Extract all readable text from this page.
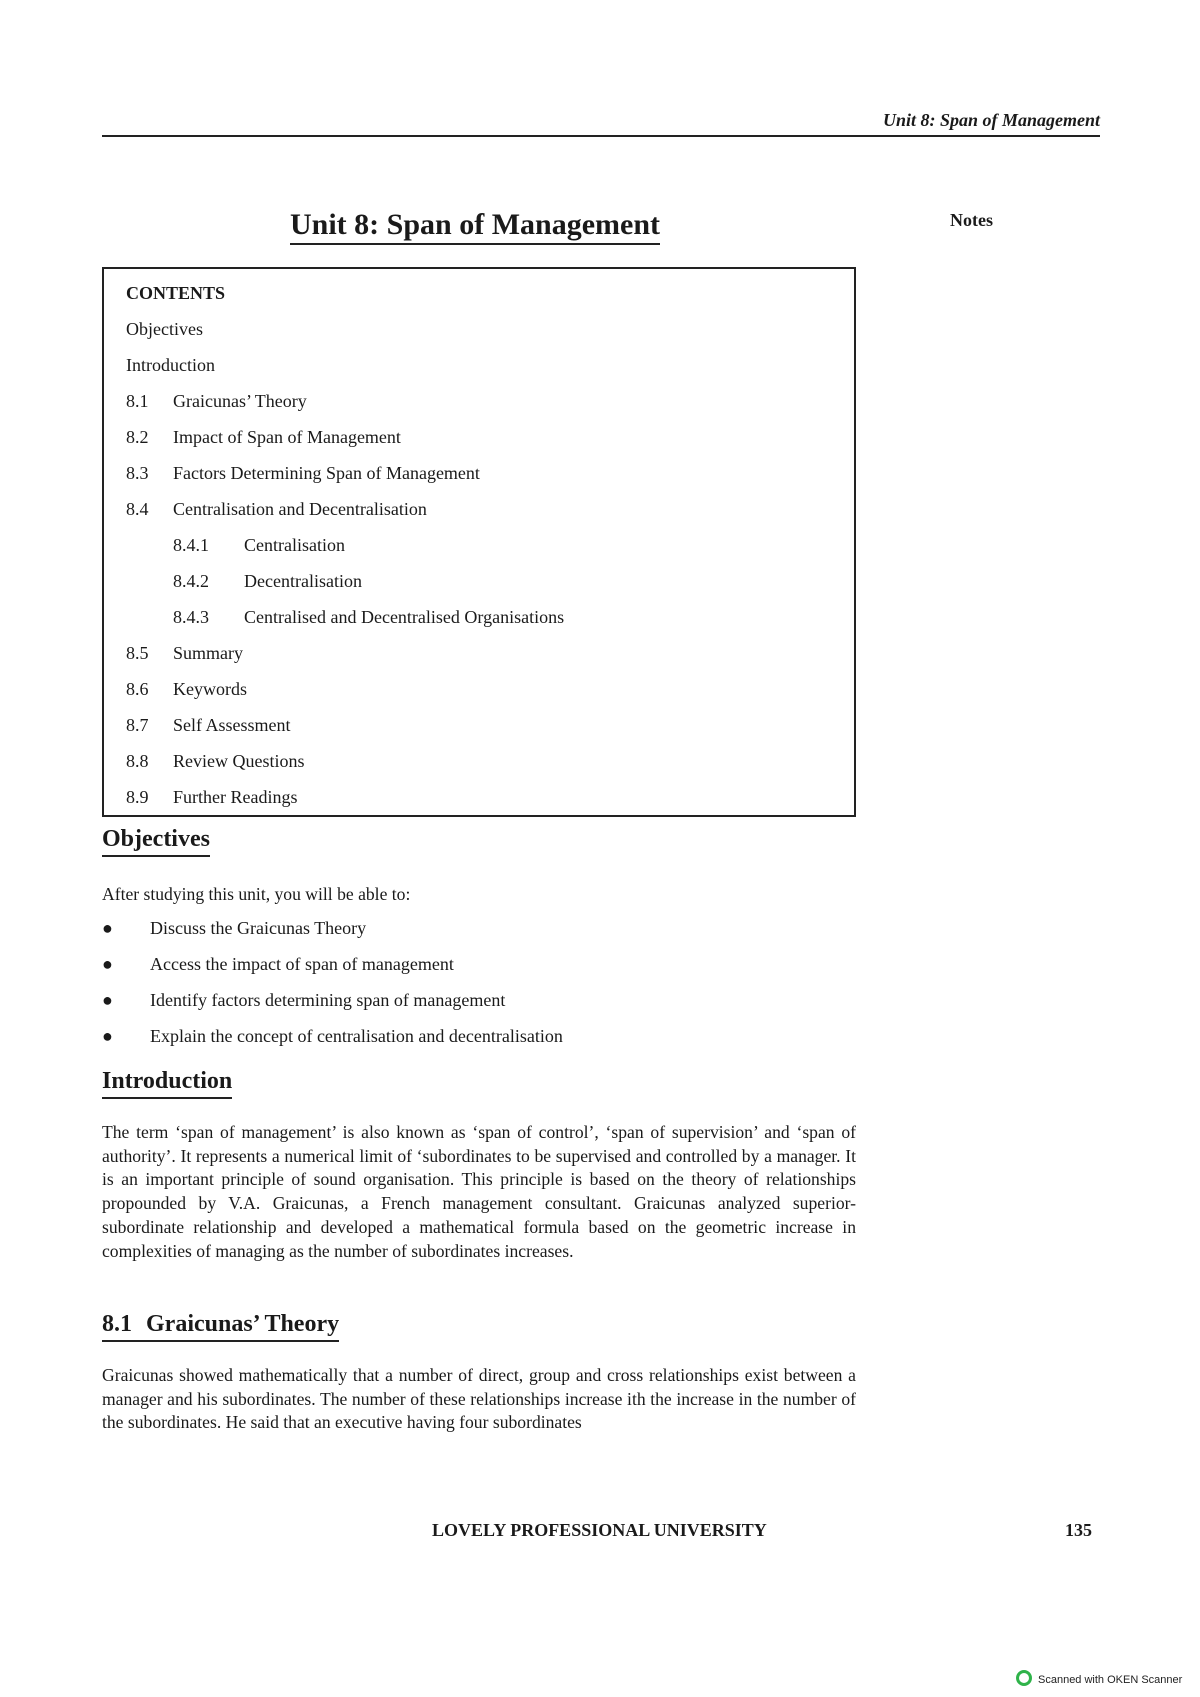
Unit 8: Span of Management
Unit 8: Span of Management	Notes
CONTENTS
Objectives
Introduction
8.1 Graicunas’ Theory
8.2 Impact of Span of Management
8.3 Factors Determining Span of Management
8.4 Centralisation and Decentralisation
8.4.1 Centralisation
8.4.2 Decentralisation
8.4.3 Centralised and Decentralised Organisations
8.5 Summary
8.6 Keywords
8.7 Self Assessment
8.8 Review Questions
8.9 Further Readings
Objectives

After studying this unit, you will be able to:

● Discuss the Graicunas Theory
● Access the impact of span of management
● Identify factors determining span of management
● Explain the concept of centralisation and decentralisation
Introduction

The term ‘span of management’ is also known as ‘span of control’, ‘span of supervision’ and ‘span of authority’. It represents a numerical limit of ‘subordinates to be supervised and controlled by a manager. It is an important principle of sound organisation. This principle is based on the theory of relationships propounded by V.A. Graicunas, a French management consultant. Graicunas analyzed superior-subordinate relationship and developed a mathematical formula based on the geometric increase in complexities of managing as the number of subordinates increases.

8.1 Graicunas’ Theory

Graicunas showed mathematically that a number of direct, group and cross relationships exist between a manager and his subordinates. The number of these relationships increase ith the increase in the number of the subordinates. He said that an executive having four subordinates

LOVELY PROFESSIONAL UNIVERSITY	135
Scanned with OKEN Scanner
